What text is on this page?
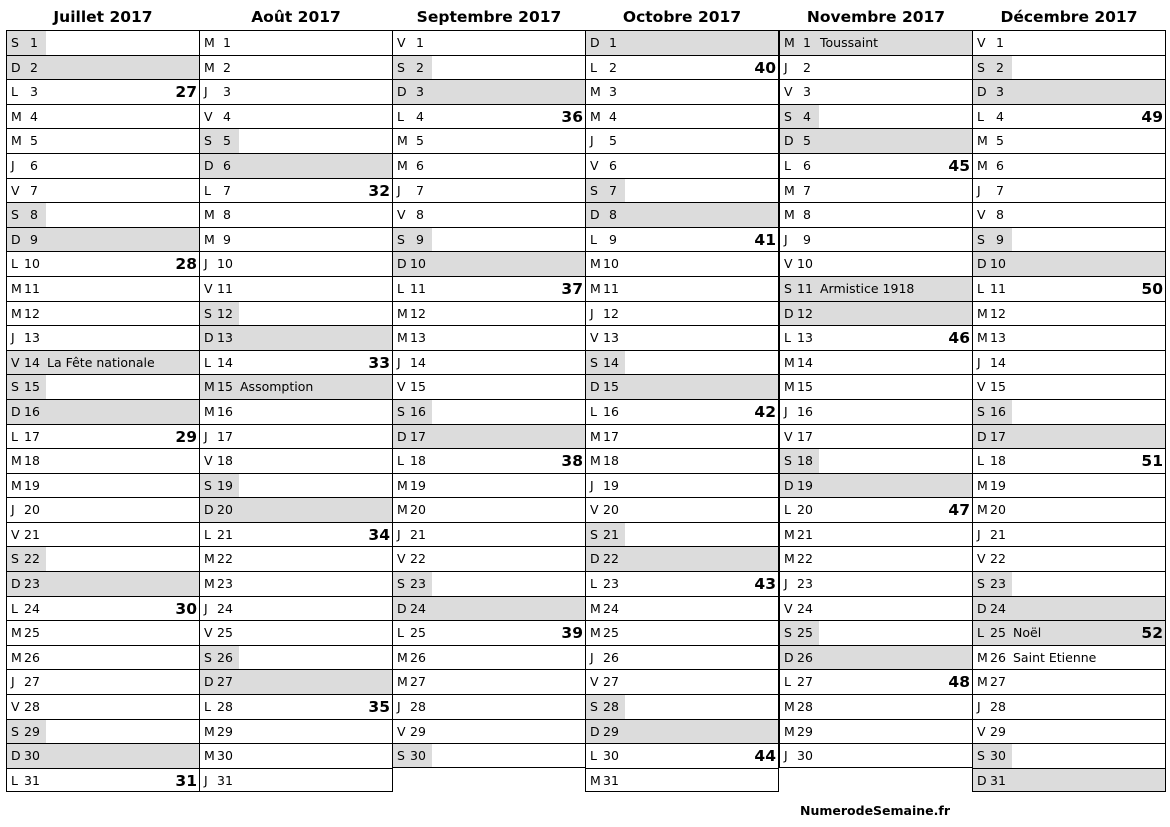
Juillet 2017
S 1
D 2
L 3	27
M 4
M 5
J	6
V 7
S 8
D 9
L 10	28
M 11
M 12
J 13
V 14 La Fête nationale
S 15
D 16
L 17	29
M 18
M 19
J 20
V 21
S 22
D 23
L 24	30
M 25
M 26
J 27
V 28
S 29
D 30
L 31	31
Août 2017
M 1
M 2
J	3
V 4
S 5
D 6
L 7	32
M 8
M 9
J 10
V 11
S 12
D 13
L 14	33
M 15 Assomption
M 16
J 17
V 18
S 19
D 20
L 21	34
M 22
M 23
J 24
V 25
S 26
D 27
L 28	35
M 29
M 30
J 31
Septembre 2017
V 1
S 2
D 3
L 4	36
M 5
M 6
J	7
V 8
S 9
D 10
L 11	37
M 12
M 13
J 14
V 15
S 16
D 17
L 18	38
M 19
M 20
J 21
V 22
S 23
D 24
L 25	39
M 26
M 27
J 28
V 29
S 30
Octobre 2017
D 1
L 2	40
M 3
M 4
J	5
V 6
S 7
D 8
L 9	41
M 10
M 11
J 12
V 13
S 14
D 15
L 16	42
M 17
M 18
J 19
V 20
S 21
D 22
L 23	43
M 24
M 25
J 26
V 27
S 28
D 29
L 30	44
M 31
Novembre 2017
M 1 Toussaint
J	2
V 3
S 4
D 5
L 6	45
M 7
M 8
J	9
V 10
S 11 Armistice 1918
D 12
L 13	46
M 14
M 15
J 16
V 17
S 18
D 19
L 20	47
M 21
M 22
J 23
V 24
S 25
D 26
L 27	48
M 28
M 29
J 30
Décembre 2017
V 1
S 2
D 3
L 4	49
M 5
M 6
J	7
V 8
S 9
D 10
L 11	50
M 12
M 13
J 14
V 15
S 16
D 17
L 18	51
M 19
M 20
J 21
V 22
S 23
D 24
L 25 Noël	52
M 26 Saint Etienne
M 27
J 28
V 29
S 30
D 31
NumerodeSemaine.fr
